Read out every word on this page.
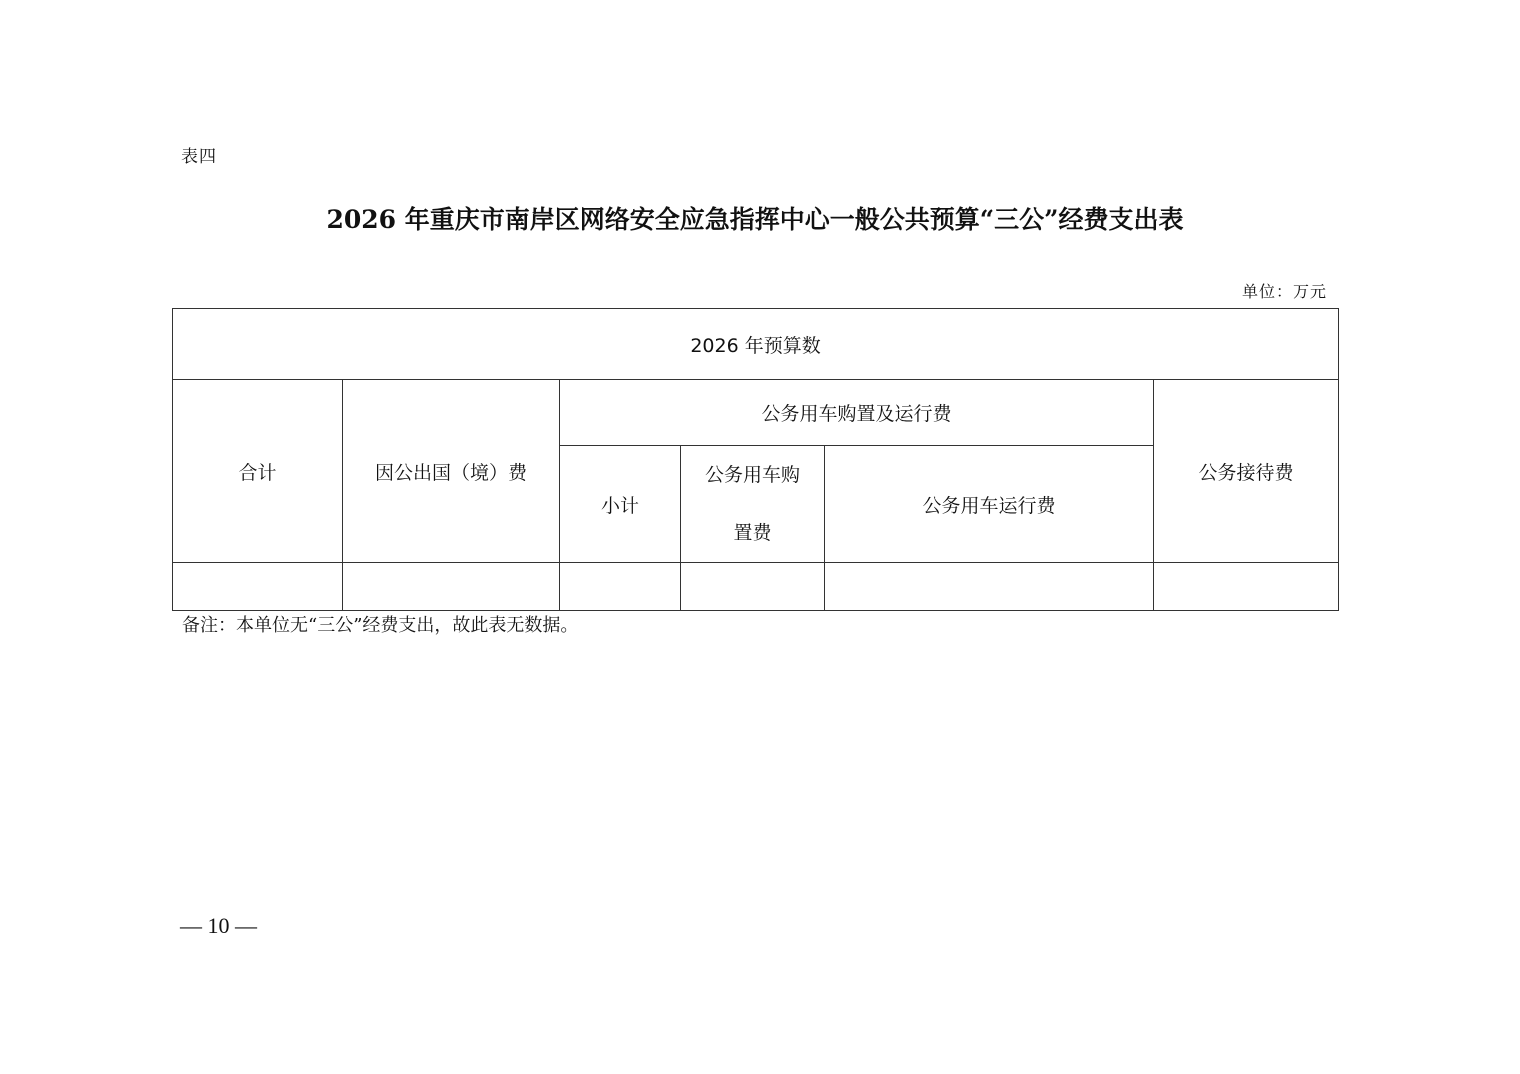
表四
2026 年重庆市南岸区网络安全应急指挥中心一般公共预算“三公”经费支出表
单位：万元
2026 年预算数					
合计	因公出国（境）费	公务用车购置及运行费			公务接待费
		小计	公务用车购置费	公务用车运行费	

备注：本单位无“三公”经费支出，故此表无数据。
— 10 —
